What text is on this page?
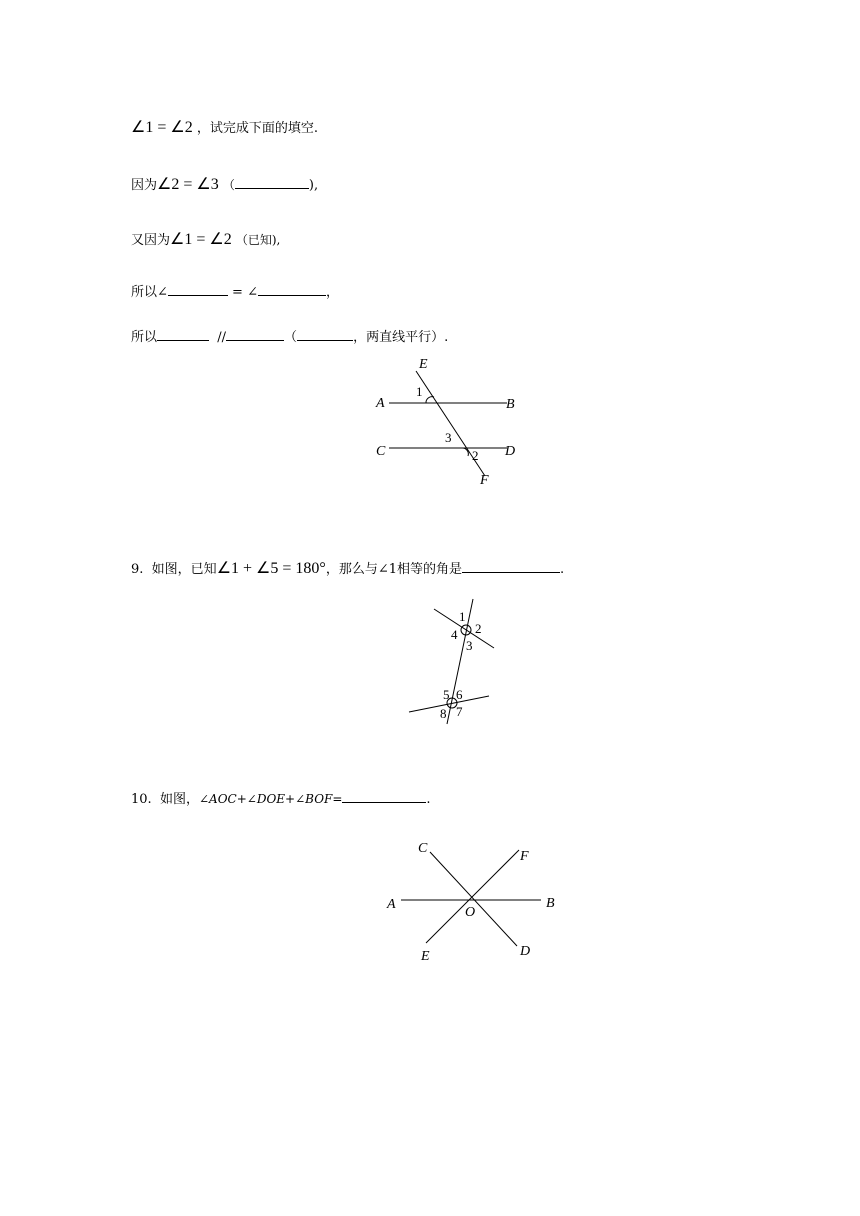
∠1 = ∠2 ，试完成下面的填空.
因为∠2 = ∠3 （	),
又因为∠1 = ∠2 （已知),
所以∠	= ∠	，
所以	//	（	，两直线平行）.
9. 如图，已知∠1 + ∠5 = 180°，那么与∠1相等的角是	.
10. 如图，∠AOC+∠DOE+∠BOF=	.
E
A	B
C	D
F
1
3
2
1
2
3
4
5 6
7
8
C
F
A	B
O
E	D
